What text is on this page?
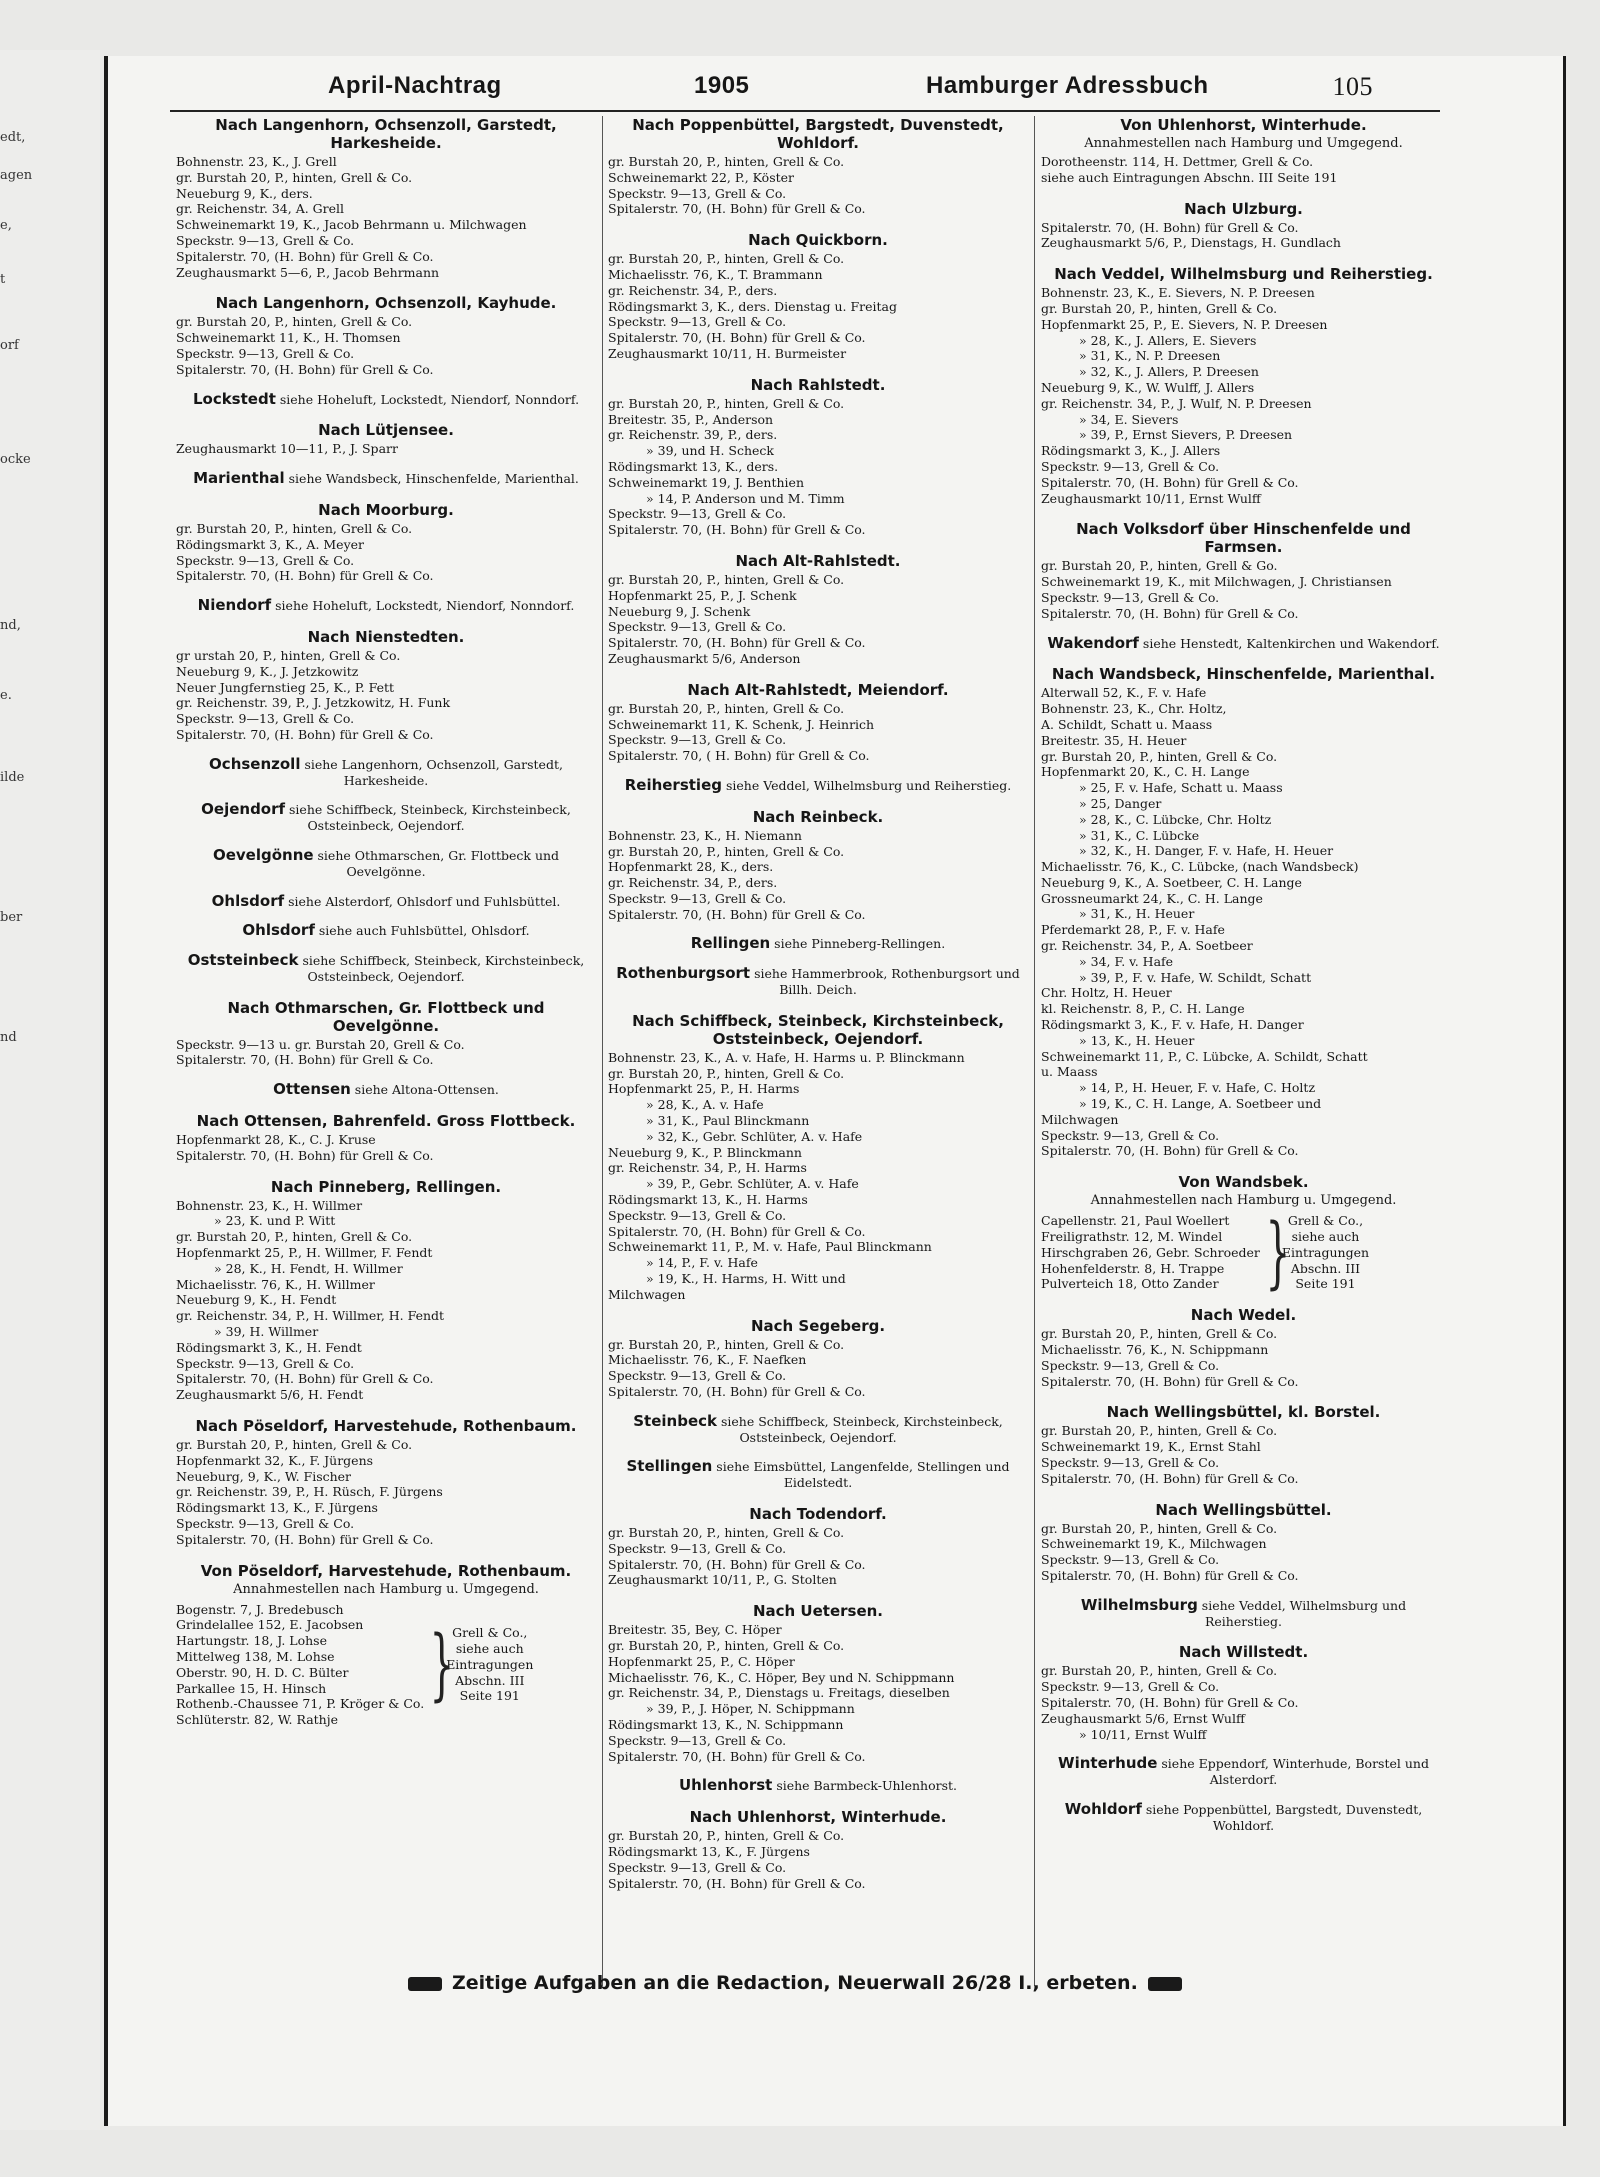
edt,
agen
e,
t
orf
ocke
nd,
e.
ilde
ber
nd
April-Nachtrag	1905	Hamburger Adressbuch	105
Nach Langenhorn, Ochsenzoll, Garstedt, Harkesheide.
Bohnenstr. 23, K., J. Grell
gr. Burstah 20, P., hinten, Grell & Co.
Neueburg 9, K., ders.
gr. Reichenstr. 34, A. Grell
Schweinemarkt 19, K., Jacob Behrmann u. Milchwagen
Speckstr. 9—13, Grell & Co.
Spitalerstr. 70, (H. Bohn) für Grell & Co.
Zeughausmarkt 5—6, P., Jacob Behrmann
Nach Langenhorn, Ochsenzoll, Kayhude.
gr. Burstah 20, P., hinten, Grell & Co.
Schweinemarkt 11, K., H. Thomsen
Speckstr. 9—13, Grell & Co.
Spitalerstr. 70, (H. Bohn) für Grell & Co.
Lockstedt siehe Hoheluft, Lockstedt, Niendorf, Nonndorf.
Nach Lütjensee.
Zeughausmarkt 10—11, P., J. Sparr
Marienthal siehe Wandsbeck, Hinschenfelde, Marienthal.
Nach Moorburg.
gr. Burstah 20, P., hinten, Grell & Co.
Rödingsmarkt 3, K., A. Meyer
Speckstr. 9—13, Grell & Co.
Spitalerstr. 70, (H. Bohn) für Grell & Co.
Niendorf siehe Hoheluft, Lockstedt, Niendorf, Nonndorf.
Nach Nienstedten.
gr urstah 20, P., hinten, Grell & Co.
Neueburg 9, K., J. Jetzkowitz
Neuer Jungfernstieg 25, K., P. Fett
gr. Reichenstr. 39, P., J. Jetzkowitz, H. Funk
Speckstr. 9—13, Grell & Co.
Spitalerstr. 70, (H. Bohn) für Grell & Co.
Ochsenzoll siehe Langenhorn, Ochsenzoll, Garstedt, Harkesheide.
Oejendorf siehe Schiffbeck, Steinbeck, Kirchsteinbeck, Oststeinbeck, Oejendorf.
Oevelgönne siehe Othmarschen, Gr. Flottbeck und Oevelgönne.
Ohlsdorf siehe Alsterdorf, Ohlsdorf und Fuhlsbüttel.
Ohlsdorf siehe auch Fuhlsbüttel, Ohlsdorf.
Oststeinbeck siehe Schiffbeck, Steinbeck, Kirchsteinbeck, Oststeinbeck, Oejendorf.
Nach Othmarschen, Gr. Flottbeck und Oevelgönne.
Speckstr. 9—13 u. gr. Burstah 20, Grell & Co.
Spitalerstr. 70, (H. Bohn) für Grell & Co.
Ottensen siehe Altona-Ottensen.
Nach Ottensen, Bahrenfeld. Gross Flottbeck.
Hopfenmarkt 28, K., C. J. Kruse
Spitalerstr. 70, (H. Bohn) für Grell & Co.
Nach Pinneberg, Rellingen.
Bohnenstr. 23, K., H. Willmer
» 23, K. und P. Witt
gr. Burstah 20, P., hinten, Grell & Co.
Hopfenmarkt 25, P., H. Willmer, F. Fendt
» 28, K., H. Fendt, H. Willmer
Michaelisstr. 76, K., H. Willmer
Neueburg 9, K., H. Fendt
gr. Reichenstr. 34, P., H. Willmer, H. Fendt
» 39, H. Willmer
Rödingsmarkt 3, K., H. Fendt
Speckstr. 9—13, Grell & Co.
Spitalerstr. 70, (H. Bohn) für Grell & Co.
Zeughausmarkt 5/6, H. Fendt
Nach Pöseldorf, Harvestehude, Rothenbaum.
gr. Burstah 20, P., hinten, Grell & Co.
Hopfenmarkt 32, K., F. Jürgens
Neueburg, 9, K., W. Fischer
gr. Reichenstr. 39, P., H. Rüsch, F. Jürgens
Rödingsmarkt 13, K., F. Jürgens
Speckstr. 9—13, Grell & Co.
Spitalerstr. 70, (H. Bohn) für Grell & Co.
Von Pöseldorf, Harvestehude, Rothenbaum.
Annahmestellen nach Hamburg u. Umgegend.
Bogenstr. 7, J. Bredebusch
Grindelallee 152, E. Jacobsen
Hartungstr. 18, J. Lohse
Mittelweg 138, M. Lohse
Oberstr. 90, H. D. C. Bülter
Parkallee 15, H. Hinsch
Rothenb.-Chaussee 71, P. Kröger & Co.
Schlüterstr. 82, W. Rathje
}
Grell & Co.,
siehe auch
Eintragungen
Abschn. III
Seite 191
Nach Poppenbüttel, Bargstedt, Duvenstedt, Wohldorf.
gr. Burstah 20, P., hinten, Grell & Co.
Schweinemarkt 22, P., Köster
Speckstr. 9—13, Grell & Co.
Spitalerstr. 70, (H. Bohn) für Grell & Co.
Nach Quickborn.
gr. Burstah 20, P., hinten, Grell & Co.
Michaelisstr. 76, K., T. Brammann
gr. Reichenstr. 34, P., ders.
Rödingsmarkt 3, K., ders. Dienstag u. Freitag
Speckstr. 9—13, Grell & Co.
Spitalerstr. 70, (H. Bohn) für Grell & Co.
Zeughausmarkt 10/11, H. Burmeister
Nach Rahlstedt.
gr. Burstah 20, P., hinten, Grell & Co.
Breitestr. 35, P., Anderson
gr. Reichenstr. 39, P., ders.
» 39, und H. Scheck
Rödingsmarkt 13, K., ders.
Schweinemarkt 19, J. Benthien
» 14, P. Anderson und M. Timm
Speckstr. 9—13, Grell & Co.
Spitalerstr. 70, (H. Bohn) für Grell & Co.
Nach Alt-Rahlstedt.
gr. Burstah 20, P., hinten, Grell & Co.
Hopfenmarkt 25, P., J. Schenk
Neueburg 9, J. Schenk
Speckstr. 9—13, Grell & Co.
Spitalerstr. 70, (H. Bohn) für Grell & Co.
Zeughausmarkt 5/6, Anderson
Nach Alt-Rahlstedt, Meiendorf.
gr. Burstah 20, P., hinten, Grell & Co.
Schweinemarkt 11, K. Schenk, J. Heinrich
Speckstr. 9—13, Grell & Co.
Spitalerstr. 70, ( H. Bohn) für Grell & Co.
Reiherstieg siehe Veddel, Wilhelmsburg und Reiherstieg.
Nach Reinbeck.
Bohnenstr. 23, K., H. Niemann
gr. Burstah 20, P., hinten, Grell & Co.
Hopfenmarkt 28, K., ders.
gr. Reichenstr. 34, P., ders.
Speckstr. 9—13, Grell & Co.
Spitalerstr. 70, (H. Bohn) für Grell & Co.
Rellingen siehe Pinneberg-Rellingen.
Rothenburgsort siehe Hammerbrook, Rothenburgsort und Billh. Deich.
Nach Schiffbeck, Steinbeck, Kirchsteinbeck, Oststeinbeck, Oejendorf.
Bohnenstr. 23, K., A. v. Hafe, H. Harms u. P. Blinckmann
gr. Burstah 20, P., hinten, Grell & Co.
Hopfenmarkt 25, P., H. Harms
» 28, K., A. v. Hafe
» 31, K., Paul Blinckmann
» 32, K., Gebr. Schlüter, A. v. Hafe
Neueburg 9, K., P. Blinckmann
gr. Reichenstr. 34, P., H. Harms
» 39, P., Gebr. Schlüter, A. v. Hafe
Rödingsmarkt 13, K., H. Harms
Speckstr. 9—13, Grell & Co.
Spitalerstr. 70, (H. Bohn) für Grell & Co.
Schweinemarkt 11, P., M. v. Hafe, Paul Blinckmann
» 14, P., F. v. Hafe
» 19, K., H. Harms, H. Witt und
Milchwagen
Nach Segeberg.
gr. Burstah 20, P., hinten, Grell & Co.
Michaelisstr. 76, K., F. Naefken
Speckstr. 9—13, Grell & Co.
Spitalerstr. 70, (H. Bohn) für Grell & Co.
Steinbeck siehe Schiffbeck, Steinbeck, Kirchsteinbeck, Oststeinbeck, Oejendorf.
Stellingen siehe Eimsbüttel, Langenfelde, Stellingen und Eidelstedt.
Nach Todendorf.
gr. Burstah 20, P., hinten, Grell & Co.
Speckstr. 9—13, Grell & Co.
Spitalerstr. 70, (H. Bohn) für Grell & Co.
Zeughausmarkt 10/11, P., G. Stolten
Nach Uetersen.
Breitestr. 35, Bey, C. Höper
gr. Burstah 20, P., hinten, Grell & Co.
Hopfenmarkt 25, P., C. Höper
Michaelisstr. 76, K., C. Höper, Bey und N. Schippmann
gr. Reichenstr. 34, P., Dienstags u. Freitags, dieselben
» 39, P., J. Höper, N. Schippmann
Rödingsmarkt 13, K., N. Schippmann
Speckstr. 9—13, Grell & Co.
Spitalerstr. 70, (H. Bohn) für Grell & Co.
Uhlenhorst siehe Barmbeck-Uhlenhorst.
Nach Uhlenhorst, Winterhude.
gr. Burstah 20, P., hinten, Grell & Co.
Rödingsmarkt 13, K., F. Jürgens
Speckstr. 9—13, Grell & Co.
Spitalerstr. 70, (H. Bohn) für Grell & Co.
Von Uhlenhorst, Winterhude.
Annahmestellen nach Hamburg und Umgegend.
Dorotheenstr. 114, H. Dettmer, Grell & Co.
siehe auch Eintragungen Abschn. III Seite 191
Nach Ulzburg.
Spitalerstr. 70, (H. Bohn) für Grell & Co.
Zeughausmarkt 5/6, P., Dienstags, H. Gundlach
Nach Veddel, Wilhelmsburg und Reiherstieg.
Bohnenstr. 23, K., E. Sievers, N. P. Dreesen
gr. Burstah 20, P., hinten, Grell & Co.
Hopfenmarkt 25, P., E. Sievers, N. P. Dreesen
» 28, K., J. Allers, E. Sievers
» 31, K., N. P. Dreesen
» 32, K., J. Allers, P. Dreesen
Neueburg 9, K., W. Wulff, J. Allers
gr. Reichenstr. 34, P., J. Wulf, N. P. Dreesen
» 34, E. Sievers
» 39, P., Ernst Sievers, P. Dreesen
Rödingsmarkt 3, K., J. Allers
Speckstr. 9—13, Grell & Co.
Spitalerstr. 70, (H. Bohn) für Grell & Co.
Zeughausmarkt 10/11, Ernst Wulff
Nach Volksdorf über Hinschenfelde und Farmsen.
gr. Burstah 20, P., hinten, Grell & Go.
Schweinemarkt 19, K., mit Milchwagen, J. Christiansen
Speckstr. 9—13, Grell & Co.
Spitalerstr. 70, (H. Bohn) für Grell & Co.
Wakendorf siehe Henstedt, Kaltenkirchen und Wakendorf.
Nach Wandsbeck, Hinschenfelde, Marienthal.
Alterwall 52, K., F. v. Hafe
Bohnenstr. 23, K., Chr. Holtz,
A. Schildt, Schatt u. Maass
Breitestr. 35, H. Heuer
gr. Burstah 20, P., hinten, Grell & Co.
Hopfenmarkt 20, K., C. H. Lange
» 25, F. v. Hafe, Schatt u. Maass
» 25, Danger
» 28, K., C. Lübcke, Chr. Holtz
» 31, K., C. Lübcke
» 32, K., H. Danger, F. v. Hafe, H. Heuer
Michaelisstr. 76, K., C. Lübcke, (nach Wandsbeck)
Neueburg 9, K., A. Soetbeer, C. H. Lange
Grossneumarkt 24, K., C. H. Lange
» 31, K., H. Heuer
Pferdemarkt 28, P., F. v. Hafe
gr. Reichenstr. 34, P., A. Soetbeer
» 34, F. v. Hafe
» 39, P., F. v. Hafe, W. Schildt, Schatt
Chr. Holtz, H. Heuer
kl. Reichenstr. 8, P., C. H. Lange
Rödingsmarkt 3, K., F. v. Hafe, H. Danger
» 13, K., H. Heuer
Schweinemarkt 11, P., C. Lübcke, A. Schildt, Schatt
u. Maass
» 14, P., H. Heuer, F. v. Hafe, C. Holtz
» 19, K., C. H. Lange, A. Soetbeer und
Milchwagen
Speckstr. 9—13, Grell & Co.
Spitalerstr. 70, (H. Bohn) für Grell & Co.
Von Wandsbek.
Annahmestellen nach Hamburg u. Umgegend.
Capellenstr. 21, Paul Woellert
Freiligrathstr. 12, M. Windel
Hirschgraben 26, Gebr. Schroeder
Hohenfelderstr. 8, H. Trappe
Pulverteich 18, Otto Zander }
Grell & Co.,
siehe auch
Eintragungen
Abschn. III
Seite 191
Nach Wedel.
gr. Burstah 20, P., hinten, Grell & Co.
Michaelisstr. 76, K., N. Schippmann
Speckstr. 9—13, Grell & Co.
Spitalerstr. 70, (H. Bohn) für Grell & Co.
Nach Wellingsbüttel, kl. Borstel.
gr. Burstah 20, P., hinten, Grell & Co.
Schweinemarkt 19, K., Ernst Stahl
Speckstr. 9—13, Grell & Co.
Spitalerstr. 70, (H. Bohn) für Grell & Co.
Nach Wellingsbüttel.
gr. Burstah 20, P., hinten, Grell & Co.
Schweinemarkt 19, K., Milchwagen
Speckstr. 9—13, Grell & Co.
Spitalerstr. 70, (H. Bohn) für Grell & Co.
Wilhelmsburg siehe Veddel, Wilhelmsburg und Reiherstieg.
Nach Willstedt.
gr. Burstah 20, P., hinten, Grell & Co.
Speckstr. 9—13, Grell & Co.
Spitalerstr. 70, (H. Bohn) für Grell & Co.
Zeughausmarkt 5/6, Ernst Wulff
» 10/11, Ernst Wulff
Winterhude siehe Eppendorf, Winterhude, Borstel und Alsterdorf.
Wohldorf siehe Poppenbüttel, Bargstedt, Duvenstedt, Wohldorf.
Zeitige Aufgaben an die Redaction, Neuerwall 26/28 I., erbeten.
